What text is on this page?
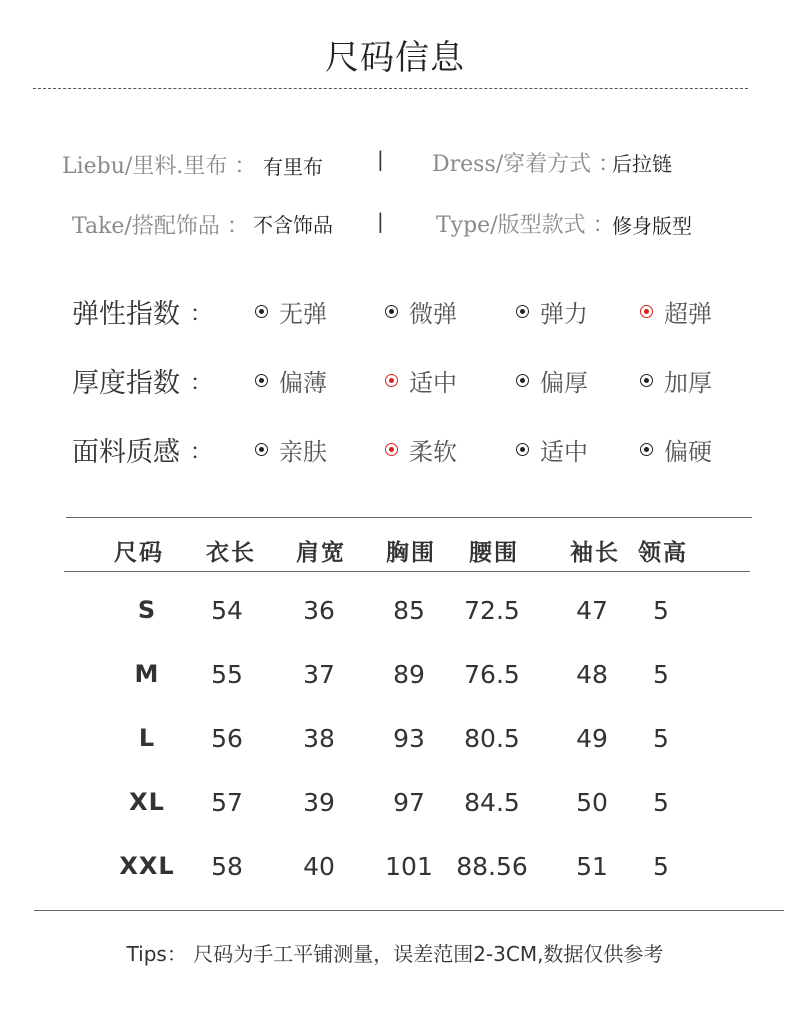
尺码信息
Liebu/里料.里布 ： 有里布	| Dress/穿着方式 ：
后拉链
Take/搭配饰品 ： 不含饰品 | Type/版型款式 ：
修身版型
弹性指数 ：	无弹	微弹	弹力	超弹
厚度指数 ：	偏薄	适中	偏厚	加厚
面料质感 ：	亲肤	柔软	适中	偏硬
尺码 衣长 肩宽 胸围 腰围 袖长 领高
S	54	36	85	72.5	47	5
M	55	37	89	76.5	48	5
L	56	38	93	80.5	49	5
XL	57	39	97	84.5	50	5
XXL	58	40	101 88.56	51	5
Tips： 尺码为手工平铺测量，误差范围2-3CM,数据仅供参考
